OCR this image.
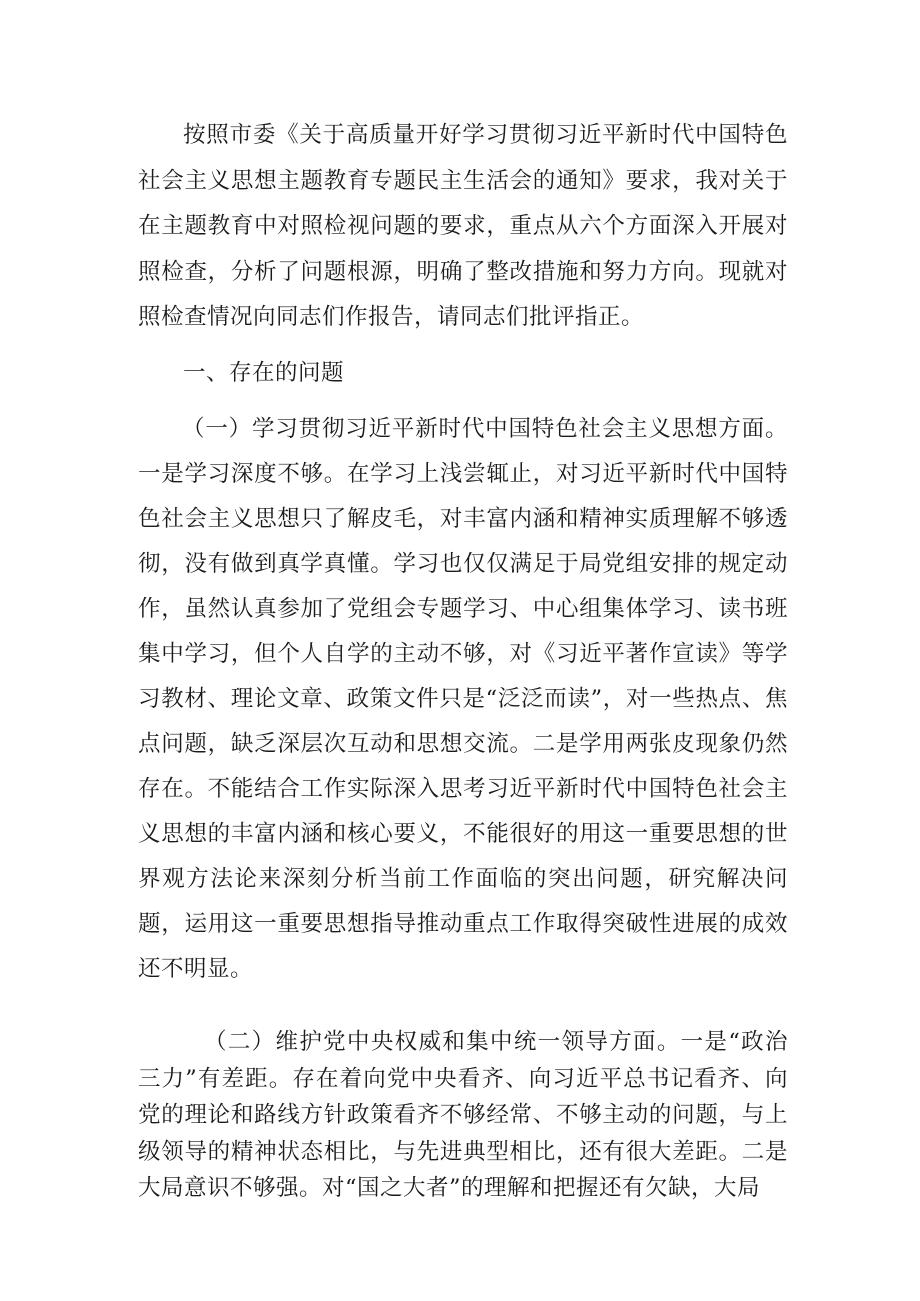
按照市委《关于高质量开好学习贯彻习近平新时代中国特色社会主义思想主题教育专题民主生活会的通知》要求，我对关于在主题教育中对照检视问题的要求，重点从六个方面深入开展对照检查，分析了问题根源，明确了整改措施和努力方向。现就对照检查情况向同志们作报告，请同志们批评指正。

一、存在的问题

（一）学习贯彻习近平新时代中国特色社会主义思想方面。一是学习深度不够。在学习上浅尝辄止，对习近平新时代中国特色社会主义思想只了解皮毛，对丰富内涵和精神实质理解不够透彻，没有做到真学真懂。学习也仅仅满足于局党组安排的规定动作，虽然认真参加了党组会专题学习、中心组集体学习、读书班集中学习，但个人自学的主动不够，对《习近平著作宣读》等学习教材、理论文章、政策文件只是“泛泛而读”，对一些热点、焦点问题，缺乏深层次互动和思想交流。二是学用两张皮现象仍然存在。不能结合工作实际深入思考习近平新时代中国特色社会主义思想的丰富内涵和核心要义，不能很好的用这一重要思想的世界观方法论来深刻分析当前工作面临的突出问题，研究解决问题，运用这一重要思想指导推动重点工作取得突破性进展的成效还不明显。

（二）维护党中央权威和集中统一领导方面。一是“政治三力”有差距。存在着向党中央看齐、向习近平总书记看齐、向党的理论和路线方针政策看齐不够经常、不够主动的问题，与上级领导的精神状态相比，与先进典型相比，还有很大差距。二是大局意识不够强。对“国之大者”的理解和把握还有欠缺，大局
